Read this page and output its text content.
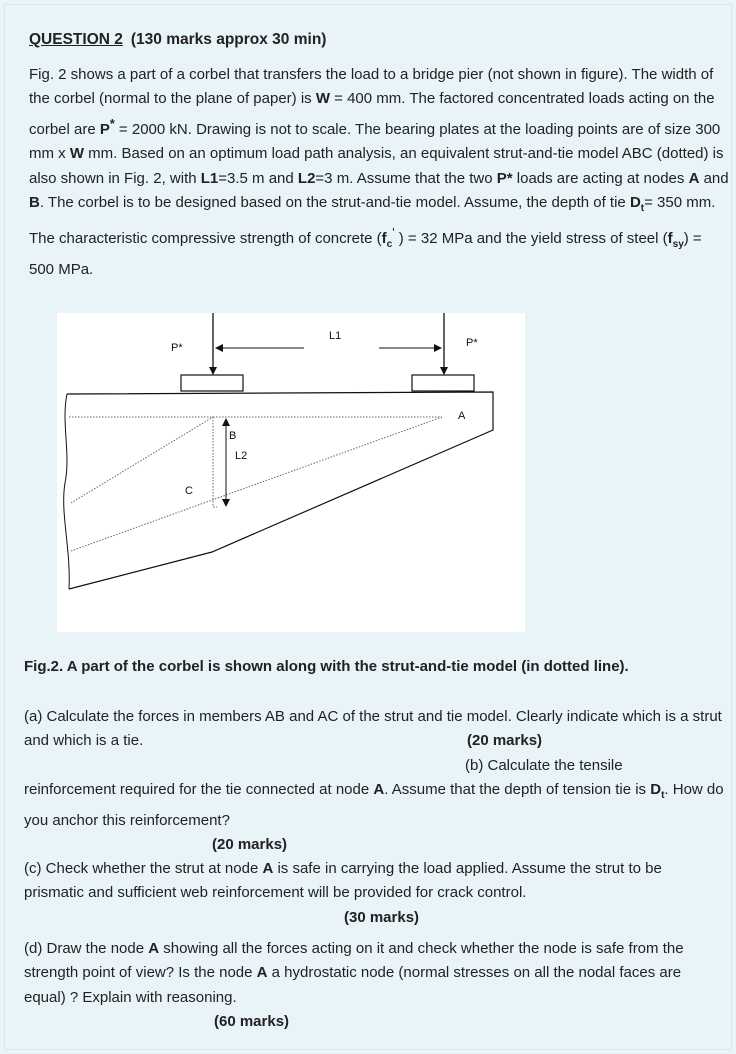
QUESTION 2 (130 marks approx 30 min)
Fig. 2 shows a part of a corbel that transfers the load to a bridge pier (not shown in figure). The width of the corbel (normal to the plane of paper) is W = 400 mm. The factored concentrated loads acting on the corbel are P* = 2000 kN. Drawing is not to scale. The bearing plates at the loading points are of size 300 mm x W mm. Based on an optimum load path analysis, an equivalent strut-and-tie model ABC (dotted) is also shown in Fig. 2, with L1=3.5 m and L2=3 m. Assume that the two P* loads are acting at nodes A and B. The corbel is to be designed based on the strut-and-tie model. Assume, the depth of tie $D_t= 350$ mm. The characteristic compressive strength of concrete ($f_c'$ ) = 32 MPa and the yield stress of steel $(f_{sy}) = 500$ MPa.
P*	P*
L1
L2
A
B
C
Fig.2. A part of the corbel is shown along with the strut-and-tie model (in dotted line).
(a) Calculate the forces in members AB and AC of the strut and tie model. Clearly indicate which is a strut and which is a tie.	(20 marks)
(b) Calculate the tensile
reinforcement required for the tie connected at node A. Assume that the depth of tension tie is $D_t$. How do you anchor this reinforcement?
(20 marks)
(c) Check whether the strut at node A is safe in carrying the load applied. Assume the strut to be prismatic and sufficient web reinforcement will be provided for crack control.
(30 marks)
(d) Draw the node A showing all the forces acting on it and check whether the node is safe from the strength point of view? Is the node A a hydrostatic node (normal stresses on all the nodal faces are equal) ? Explain with reasoning.
(60 marks)
